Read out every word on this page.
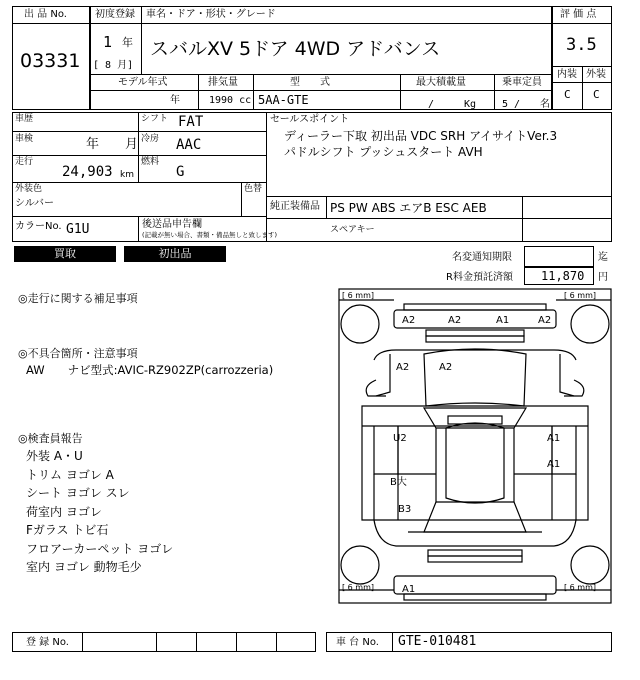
出 品 No.
03331
初度登録 車名・ドア・形状・グレード
1 年
[ 8 月]
スバルXV 5ドア 4WD アドバンス
モデル年式	排気量	型　　式	最大積載量	乗車定員
年	1990 cc 5AA-GTE	/　　　Kg	5 /　　名
評 価 点
3.5
内装 外装
C C
車歴
車検	年　　月
走行
24,903 km
シフト FAT
冷房 AAC
燃料
G
セールスポイント
ディーラー下取 初出品 VDC SRH アイサイトVer.3
パドルシフト プッシュスタート AVH
外装色
シルバー
色替
純正装備品 PS PW ABS エアB ESC AEB
カラーNo. G1U	後送品申告欄
(記載が無い場合、書類・備品無しと致します)	スペアキー
買取	初出品	名変通知期限	迄
R料金預託済額 11,870 円
◎走行に関する補足事項
◎不具合箇所・注意事項
AW　　ナビ型式:AVIC-RZ902ZP(carrozzeria)
◎検査員報告
外装 A・U
トリム ヨゴレ A
シート ヨゴレ スレ
荷室内 ヨゴレ
Fガラス トビ石
フロアーカーペット ヨゴレ
室内 ヨゴレ 動物毛少
[ 6 mm]	[ 6 mm]
[ 6 mm]	[ 6 mm]
A2	A2	A1	A2
A2	A2
U2	A1
A1
B大
B3
A1
登 録 No.	車 台 No. GTE-010481
